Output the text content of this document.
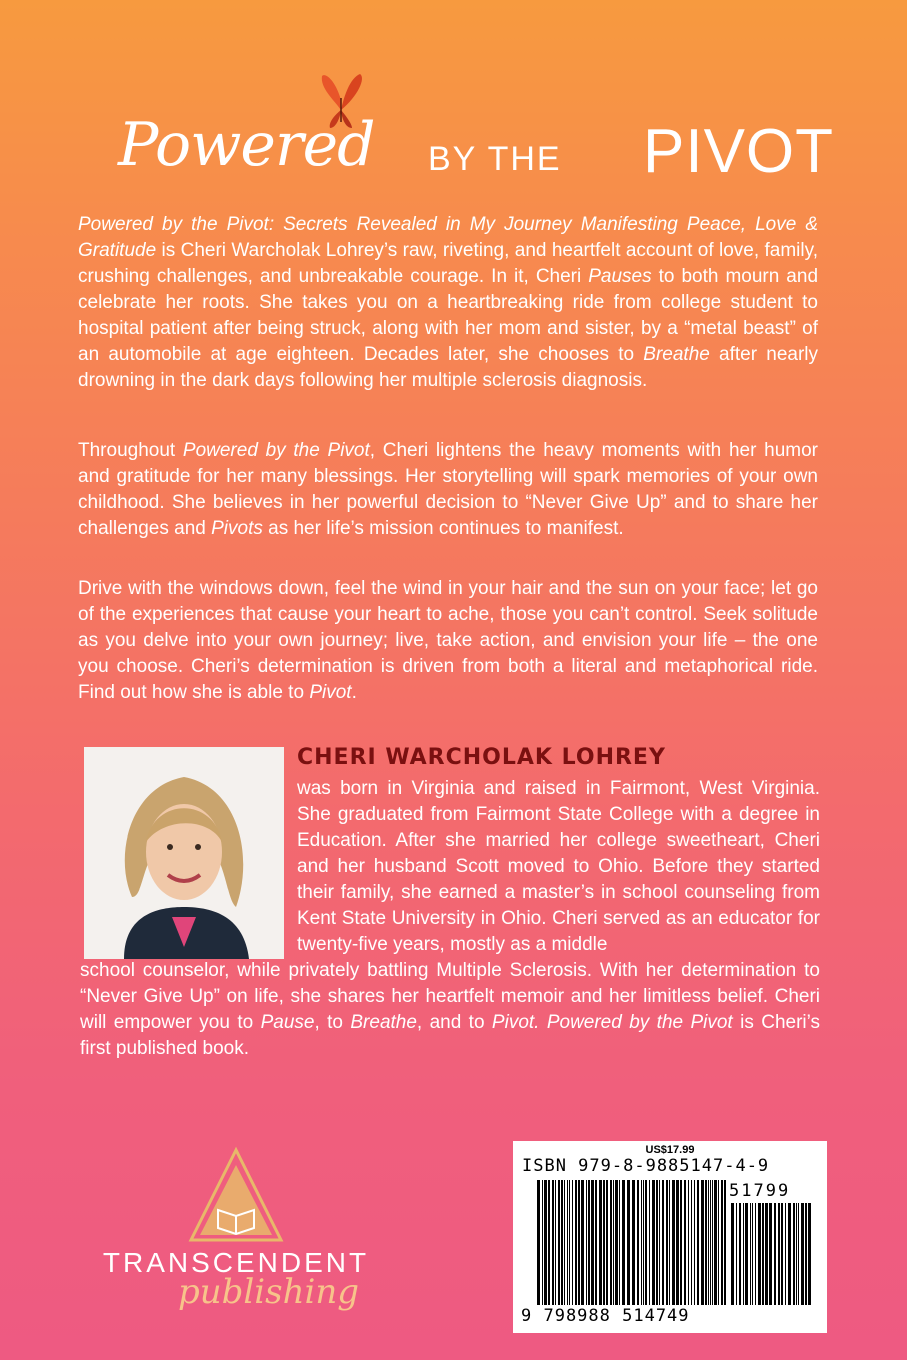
Powered BY THE PIVOT

Powered by the Pivot: Secrets Revealed in My Journey Manifesting Peace, Love & Gratitude is Cheri Warcholak Lohrey’s raw, riveting, and heartfelt account of love, family, crushing challenges, and unbreakable courage. In it, Cheri Pauses to both mourn and celebrate her roots. She takes you on a heartbreaking ride from college student to hospital patient after being struck, along with her mom and sister, by a “metal beast” of an automobile at age eighteen. Decades later, she chooses to Breathe after nearly drowning in the dark days following her multiple sclerosis diagnosis.

Throughout Powered by the Pivot, Cheri lightens the heavy moments with her humor and gratitude for her many blessings. Her storytelling will spark memories of your own childhood. She believes in her powerful decision to “Never Give Up” and to share her challenges and Pivots as her life’s mission continues to manifest.

Drive with the windows down, feel the wind in your hair and the sun on your face; let go of the experiences that cause your heart to ache, those you can’t control. Seek solitude as you delve into your own journey; live, take action, and envision your life – the one you choose. Cheri’s determination is driven from both a literal and metaphorical ride. Find out how she is able to Pivot.

CHERI WARCHOLAK LOHREY
was born in Virginia and raised in Fairmont, West Virginia. She graduated from Fairmont State College with a degree in Education. After she married her college sweetheart, Cheri and her husband Scott moved to Ohio. Before they started their family, she earned a master’s in school counseling from Kent State University in Ohio. Cheri served as an educator for twenty-five years, mostly as a middle
school counselor, while privately battling Multiple Sclerosis. With her determination to “Never Give Up” on life, she shares her heartfelt memoir and her limitless belief. Cheri will empower you to Pause, to Breathe, and to Pivot. Powered by the Pivot is Cheri’s first published book.
TRANSCENDENT
publishing
US$17.99
ISBN 979-8-9885147-4-9
51799
9 798988 514749
